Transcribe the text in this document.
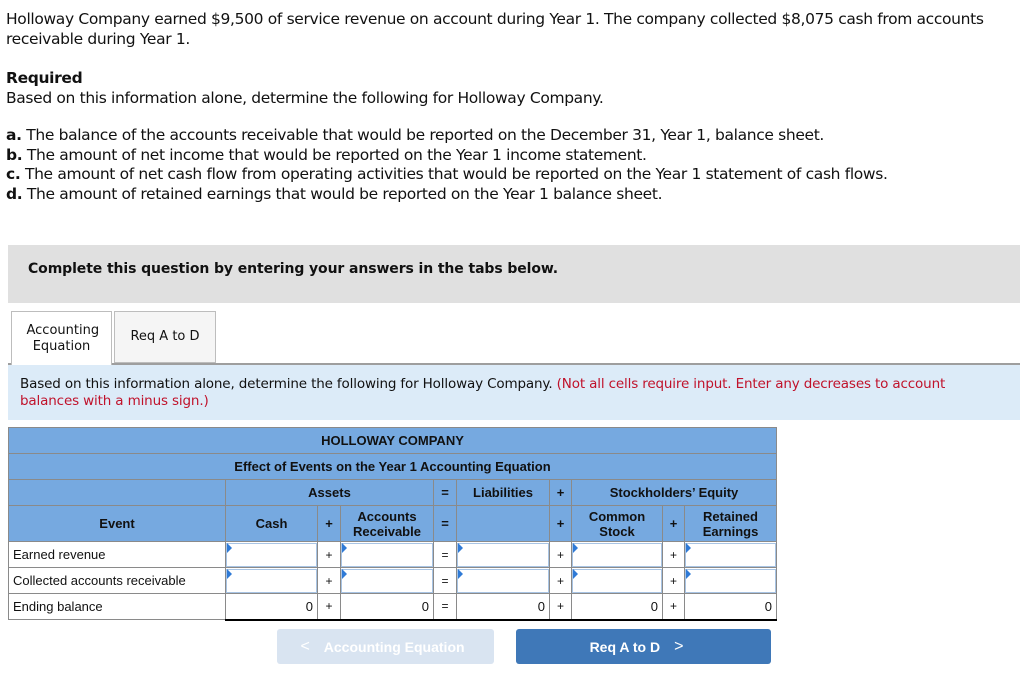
Holloway Company earned $9,500 of service revenue on account during Year 1. The company collected $8,075 cash from accounts receivable during Year 1.

Required
Based on this information alone, determine the following for Holloway Company.
a. The balance of the accounts receivable that would be reported on the December 31, Year 1, balance sheet.
b. The amount of net income that would be reported on the Year 1 income statement.
c. The amount of net cash flow from operating activities that would be reported on the Year 1 statement of cash flows.
d. The amount of retained earnings that would be reported on the Year 1 balance sheet.
Complete this question by entering your answers in the tabs below.
Accounting Equation
Req A to D
Based on this information alone, determine the following for Holloway Company. (Not all cells require input. Enter any decreases to account balances with a minus sign.)
HOLLOWAY COMPANY									
Effect of Events on the Year 1 Accounting Equation									
	Assets			=	Liabilities	+	Stockholders’ Equity		
Event	Cash	+	Accounts Receivable	=		+	Common Stock	+	Retained Earnings
Earned revenue		+		=		+		+	

Collected accounts receivable		+		=		+		+	

Ending balance	0	+	0	=	0	+	0	+	0
< Accounting Equation	Req A to D >
